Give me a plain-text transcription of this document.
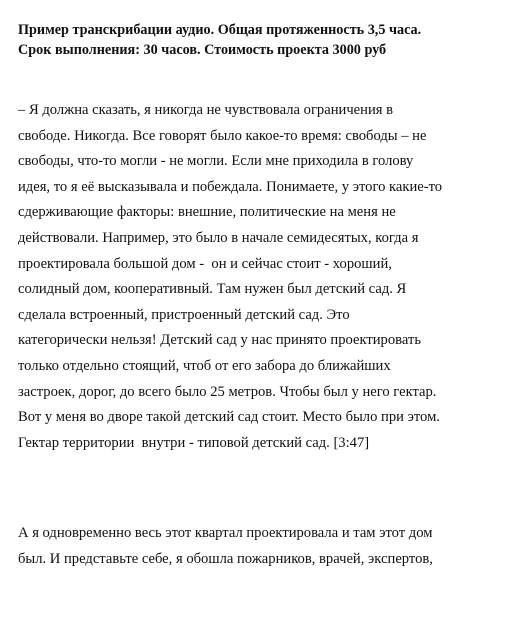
Пример транскрибации аудио. Общая протяженность 3,5 часа.
Срок выполнения: 30 часов. Стоимость проекта 3000 руб
– Я должна сказать, я никогда не чувствовала ограничения в
свободе. Никогда. Все говорят было какое-то время: свободы – не
свободы, что-то могли - не могли. Если мне приходила в голову
идея, то я её высказывала и побеждала. Понимаете, у этого какие-то
сдерживающие факторы: внешние, политические на меня не
действовали. Например, это было в начале семидесятых, когда я
проектировала большой дом -  он и сейчас стоит - хороший,
солидный дом, кооперативный. Там нужен был детский сад. Я
сделала встроенный, пристроенный детский сад. Это
категорически нельзя! Детский сад у нас принято проектировать
только отдельно стоящий, чтоб от его забора до ближайших
застроек, дорог, до всего было 25 метров. Чтобы был у него гектар.
Вот у меня во дворе такой детский сад стоит. Место было при этом.
Гектар территории  внутри - типовой детский сад. [3:47]
А я одновременно весь этот квартал проектировала и там этот дом
был. И представьте себе, я обошла пожарников, врачей, экспертов,
